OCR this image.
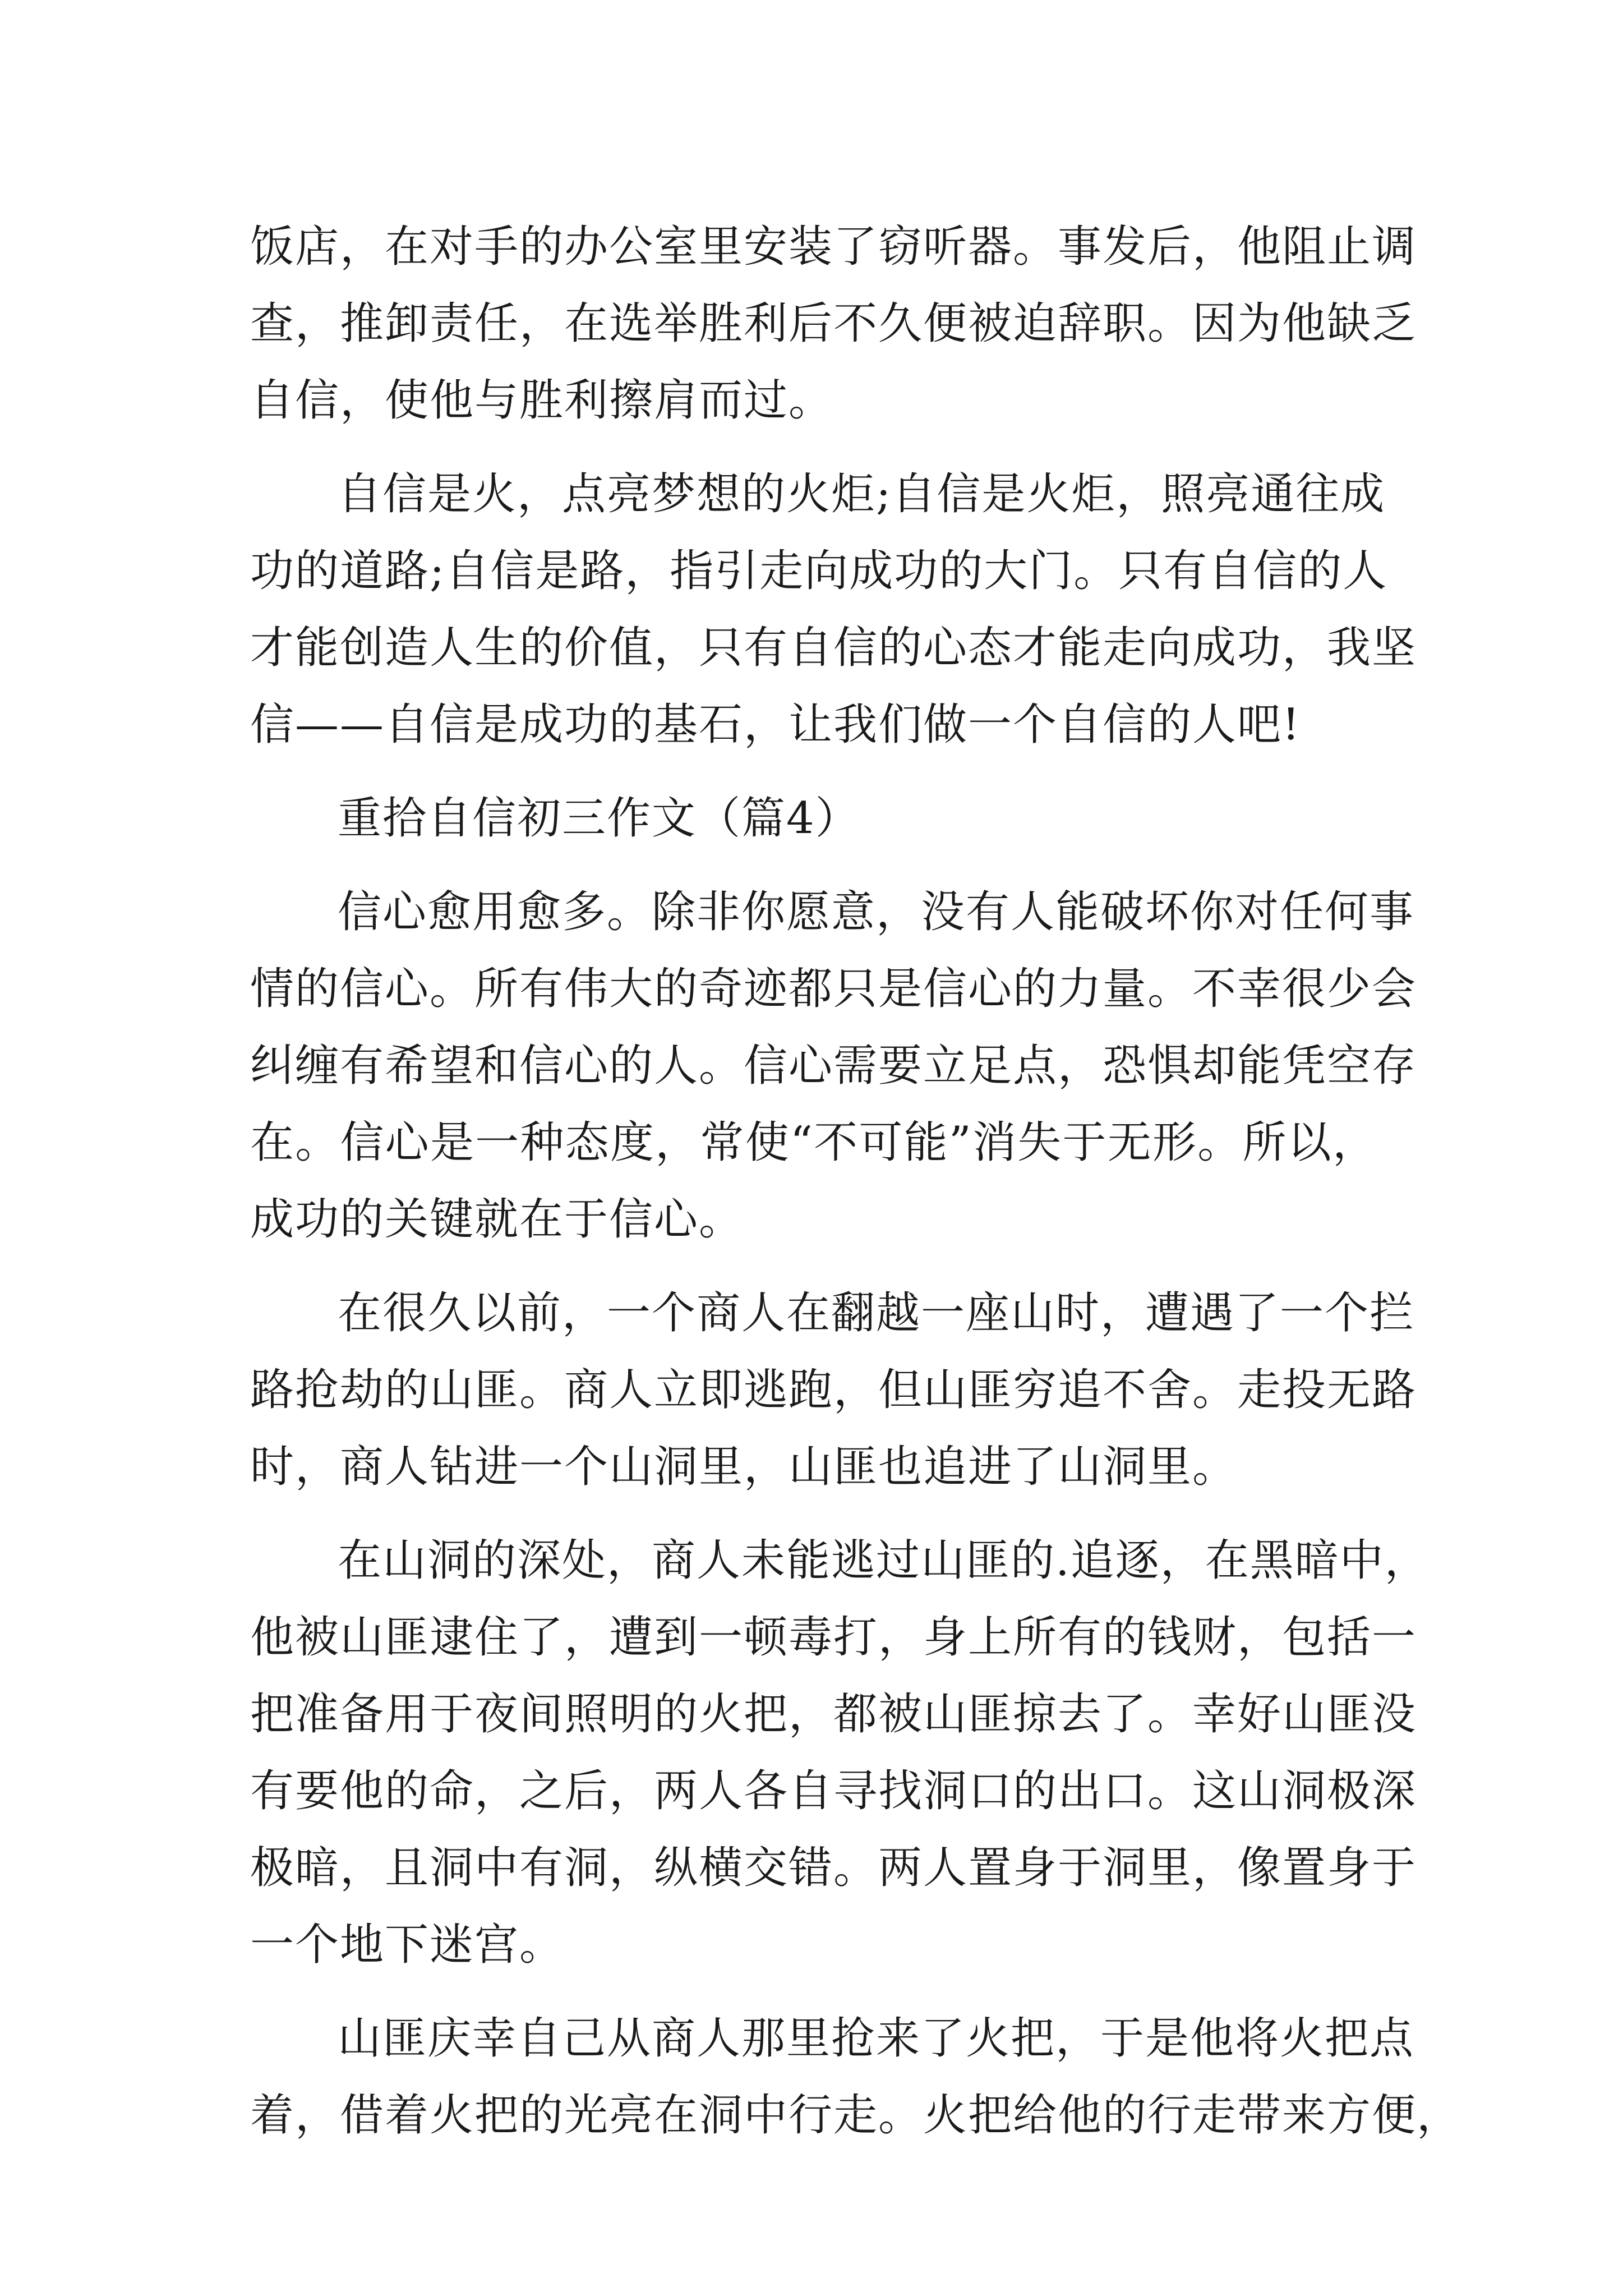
饭店，在对手的办公室里安装了窃听器。事发后，他阻止调
查，推卸责任，在选举胜利后不久便被迫辞职。因为他缺乏
自信，使他与胜利擦肩而过。
自信是火，点亮梦想的火炬;自信是火炬，照亮通往成
功的道路;自信是路，指引走向成功的大门。只有自信的人
才能创造人生的价值，只有自信的心态才能走向成功，我坚
信——自信是成功的基石，让我们做一个自信的人吧!
重拾自信初三作文（篇4）
信心愈用愈多。除非你愿意，没有人能破坏你对任何事
情的信心。所有伟大的奇迹都只是信心的力量。不幸很少会
纠缠有希望和信心的人。信心需要立足点，恐惧却能凭空存
在。信心是一种态度，常使“不可能”消失于无形。所以，
成功的关键就在于信心。
在很久以前，一个商人在翻越一座山时，遭遇了一个拦
路抢劫的山匪。商人立即逃跑，但山匪穷追不舍。走投无路
时，商人钻进一个山洞里，山匪也追进了山洞里。
在山洞的深处，商人未能逃过山匪的.追逐，在黑暗中，
他被山匪逮住了，遭到一顿毒打，身上所有的钱财，包括一
把准备用于夜间照明的火把，都被山匪掠去了。幸好山匪没
有要他的命，之后，两人各自寻找洞口的出口。这山洞极深
极暗，且洞中有洞，纵横交错。两人置身于洞里，像置身于
一个地下迷宫。
山匪庆幸自己从商人那里抢来了火把，于是他将火把点
着，借着火把的光亮在洞中行走。火把给他的行走带来方便，
